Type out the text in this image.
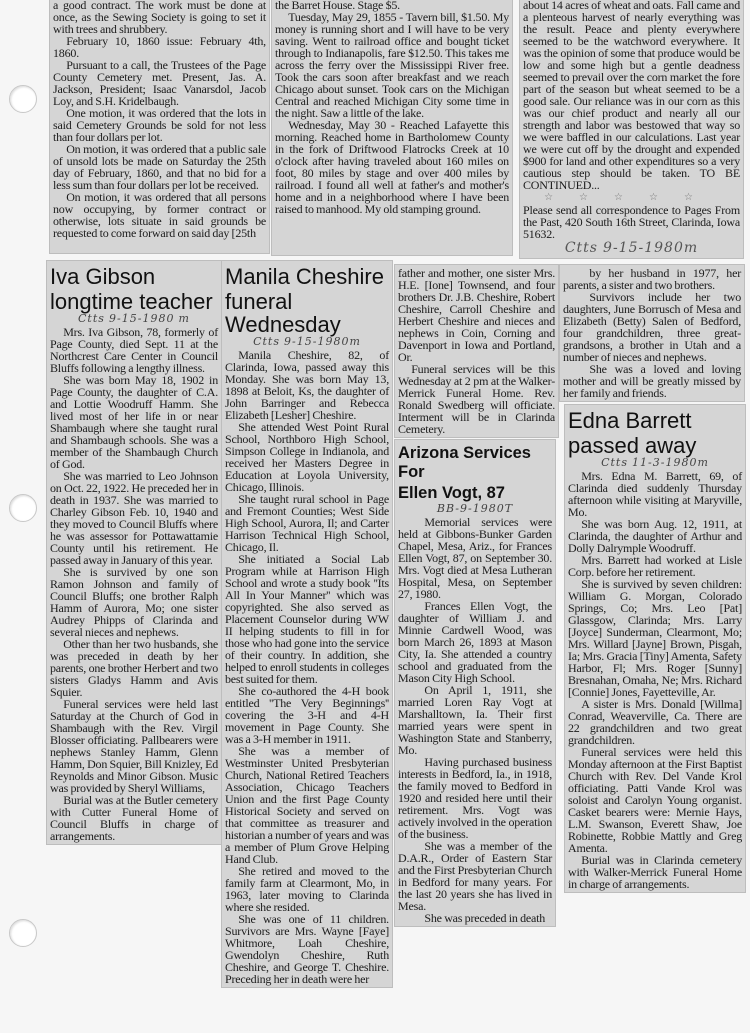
a good contract. The work must be done at once, as the Sewing Society is going to set it with trees and shrubbery.

February 10, 1860 issue: February 4th, 1860.

Pursuant to a call, the Trustees of the Page County Cemetery met. Present, Jas. A. Jackson, President; Isaac Vanarsdol, Jacob Loy, and S.H. Kridelbaugh.

One motion, it was ordered that the lots in said Cemetery Grounds be sold for not less than four dollars per lot.

On motion, it was ordered that a public sale of unsold lots be made on Saturday the 25th day of February, 1860, and that no bid for a less sum than four dollars per lot be received.

On motion, it was ordered that all persons now occupying, by former contract or otherwise, lots situate in said grounds be requested to come forward on said day [25th

the Barret House. Stage $5.

Tuesday, May 29, 1855 - Tavern bill, $1.50. My money is running short and I will have to be very saving. Went to railroad office and bought ticket through to Indianapolis, fare $12.50. This takes me across the ferry over the Mississippi River free. Took the cars soon after breakfast and we reach Chicago about sunset. Took cars on the Michigan Central and reached Michigan City some time in the night. Saw a little of the lake.

Wednesday, May 30 - Reached Lafayette this morning. Reached home in Bartholomew County in the fork of Driftwood Flatrocks Creek at 10 o'clock after having traveled about 160 miles on foot, 80 miles by stage and over 400 miles by railroad. I found all well at father's and mother's home and in a neighborhood where I have been raised to manhood. My old stamping ground.

about 14 acres of wheat and oats. Fall came and a plenteous harvest of nearly everything was the result. Peace and plenty everywhere seemed to be the watchword everywhere. It was the opinion of some that produce would be low and some high but a gentle deadness seemed to prevail over the corn market the fore part of the season but wheat seemed to be a good sale. Our reliance was in our corn as this was our chief product and nearly all our strength and labor was bestowed that way so we were baffled in our calculations. Last year we were cut off by the drought and expended $900 for land and other expenditures so a very cautious step should be taken. TO BE CONTINUED...

☆☆☆☆☆

Please send all correspondence to Pages From the Past, 420 South 16th Street, Clarinda, Iowa 51632.

Ctts 9-15-1980m
Iva Gibson
longtime teacher
Ctts 9-15-1980 m

Mrs. Iva Gibson, 78, formerly of Page County, died Sept. 11 at the Northcrest Care Center in Council Bluffs following a lengthy illness.

She was born May 18, 1902 in Page County, the daughter of C.A. and Lottie Woodruff Hamm. She lived most of her life in or near Shambaugh where she taught rural and Shambaugh schools. She was a member of the Shambaugh Church of God.

She was married to Leo Johnson on Oct. 22, 1922. He preceded her in death in 1937. She was married to Charley Gibson Feb. 10, 1940 and they moved to Council Bluffs where he was assessor for Pottawattamie County until his retirement. He passed away in January of this year.

She is survived by one son Ramon Johnson and family of Council Bluffs; one brother Ralph Hamm of Aurora, Mo; one sister Audrey Phipps of Clarinda and several nieces and nephews.

Other than her two husbands, she was preceded in death by her parents, one brother Herbert and two sisters Gladys Hamm and Avis Squier.

Funeral services were held last Saturday at the Church of God in Shambaugh with the Rev. Virgil Blosser officiating. Pallbearers were nephews Stanley Hamm, Glenn Hamm, Don Squier, Bill Knizley, Ed Reynolds and Minor Gibson. Music was provided by Sheryl Williams,

Burial was at the Butler cemetery with Cutter Funeral Home of Council Bluffs in charge of arrangements.

Manila Cheshire
funeral Wednesday
Ctts 9-15-1980m

Manila Cheshire, 82, of Clarinda, Iowa, passed away this Monday. She was born May 13, 1898 at Beloit, Ks, the daughter of John Barringer and Rebecca Elizabeth [Lesher] Cheshire.

She attended West Point Rural School, Northboro High School, Simpson College in Indianola, and received her Masters Degree in Education at Loyola University, Chicago, Illinois.

She taught rural school in Page and Fremont Counties; West Side High School, Aurora, Il; and Carter Harrison Technical High School, Chicago, Il.

She initiated a Social Lab Program while at Harrison High School and wrote a study book ''Its All In Your Manner'' which was copyrighted. She also served as Placement Counselor during WW II helping students to fill in for those who had gone into the service of their country. In addition, she helped to enroll students in colleges best suited for them.

She co-authored the 4-H book entitled ''The Very Beginnings'' covering the 3-H and 4-H movement in Page County. She was a 3-H member in 1911.

She was a member of Westminster United Presbyterian Church, National Retired Teachers Association, Chicago Teachers Union and the first Page County Historical Society and served on that committee as treasurer and historian a number of years and was a member of Plum Grove Helping Hand Club.

She retired and moved to the family farm at Clearmont, Mo, in 1963, later moving to Clarinda where she resided.

She was one of 11 children. Survivors are Mrs. Wayne [Faye] Whitmore, Loah Cheshire, Gwendolyn Cheshire, Ruth Cheshire, and George T. Cheshire. Preceding her in death were her

father and mother, one sister Mrs. H.E. [Ione] Townsend, and four brothers Dr. J.B. Cheshire, Robert Cheshire, Carroll Cheshire and Herbert Cheshire and nieces and nephews in Coin, Corning and Davenport in Iowa and Portland, Or.

Funeral services will be this Wednesday at 2 pm at the Walker-Merrick Funeral Home. Rev. Ronald Swedberg will officiate. Interment will be in Clarinda Cemetery.

Arizona Services For
Ellen Vogt, 87
BB-9-1980T

Memorial services were held at Gibbons-Bunker Garden Chapel, Mesa, Ariz., for Frances Ellen Vogt, 87, on September 30. Mrs. Vogt died at Mesa Lutheran Hospital, Mesa, on September 27, 1980.

Frances Ellen Vogt, the daughter of William J. and Minnie Cardwell Wood, was born March 26, 1893 at Mason City, Ia. She attended a country school and graduated from the Mason City High School.

On April 1, 1911, she married Loren Ray Vogt at Marshalltown, Ia. Their first married years were spent in Washington State and Stanberry, Mo.

Having purchased business interests in Bedford, Ia., in 1918, the family moved to Bedford in 1920 and resided here until their retirement. Mrs. Vogt was actively involved in the operation of the business.

She was a member of the D.A.R., Order of Eastern Star and the First Presbyterian Church in Bedford for many years. For the last 20 years she has lived in Mesa.

She was preceded in death

by her husband in 1977, her parents, a sister and two brothers.

Survivors include her two daughters, June Borrusch of Mesa and Elizabeth (Betty) Salen of Bedford, four grandchildren, three great-grandsons, a brother in Utah and a number of nieces and nephews.

She was a loved and loving mother and will be greatly missed by her family and friends.

Edna Barrett
passed away
Ctts 11-3-1980m

Mrs. Edna M. Barrett, 69, of Clarinda died suddenly Thursday afternoon while visiting at Maryville, Mo.

She was born Aug. 12, 1911, at Clarinda, the daughter of Arthur and Dolly Dalrymple Woodruff.

Mrs. Barrett had worked at Lisle Corp. before her retirement.

She is survived by seven children: William G. Morgan, Colorado Springs, Co; Mrs. Leo [Pat] Glassgow, Clarinda; Mrs. Larry [Joyce] Sunderman, Clearmont, Mo; Mrs. Willard [Jayne] Brown, Pisgah, Ia; Mrs. Gracia [Tiny] Amenta, Safety Harbor, Fl; Mrs. Roger [Sunny] Bresnahan, Omaha, Ne; Mrs. Richard [Connie] Jones, Fayetteville, Ar.

A sister is Mrs. Donald [Willma] Conrad, Weaverville, Ca. There are 22 grandchildren and two great grandchildren.

Funeral services were held this Monday afternoon at the First Baptist Church with Rev. Del Vande Krol officiating. Patti Vande Krol was soloist and Carolyn Young organist. Casket bearers were: Mernie Hays, L.M. Swanson, Everett Shaw, Joe Robinette, Robbie Mattly and Greg Amenta.

Burial was in Clarinda cemetery with Walker-Merrick Funeral Home in charge of arrangements.
